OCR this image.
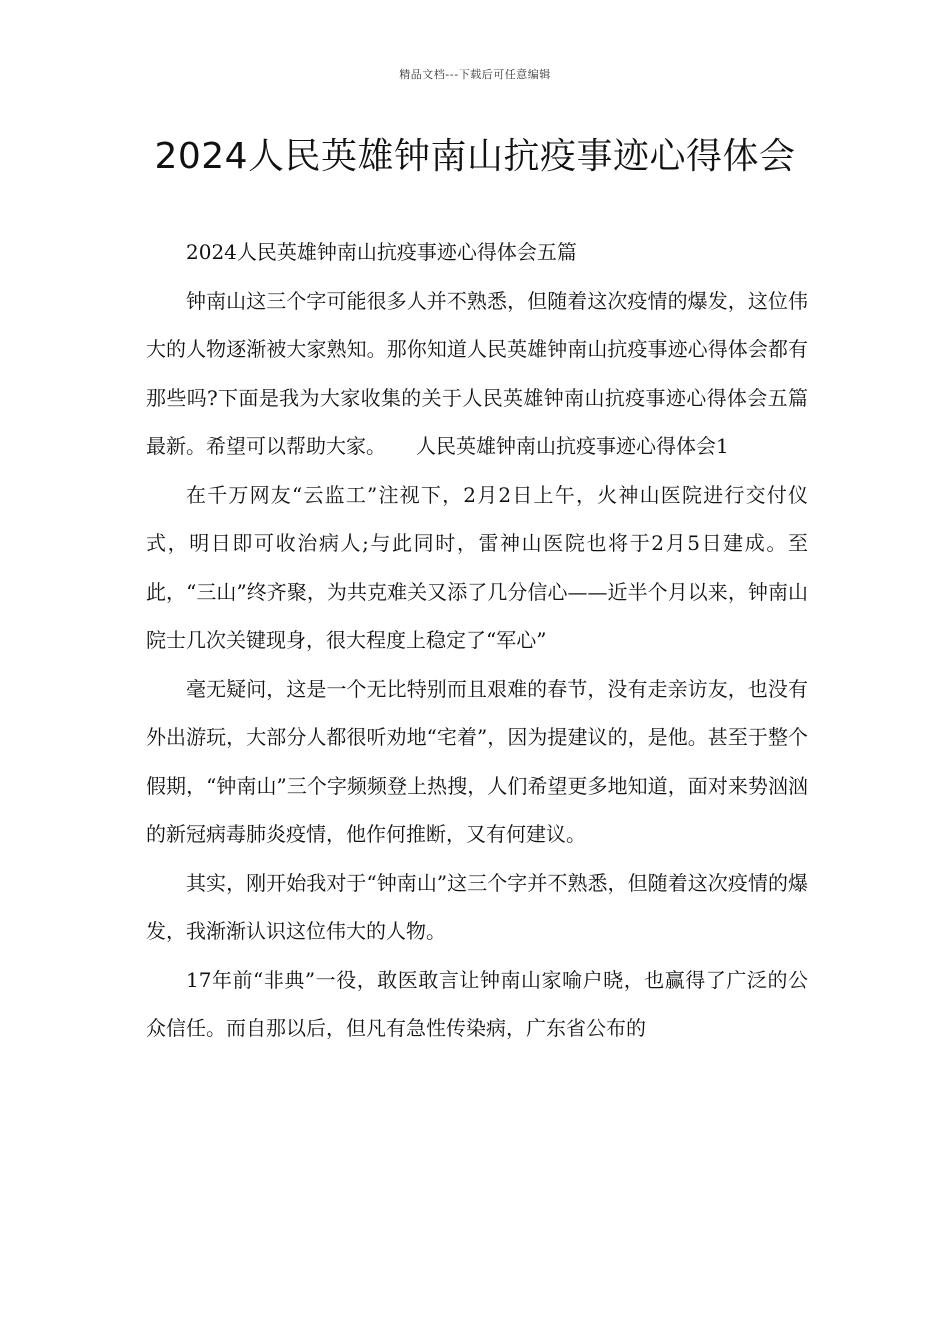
精品文档---下载后可任意编辑
2024人民英雄钟南山抗疫事迹心得体会

2024人民英雄钟南山抗疫事迹心得体会五篇

钟南山这三个字可能很多人并不熟悉，但随着这次疫情的爆发，这位伟大的人物逐渐被大家熟知。那你知道人民英雄钟南山抗疫事迹心得体会都有那些吗?下面是我为大家收集的关于人民英雄钟南山抗疫事迹心得体会五篇最新。希望可以帮助大家。　　人民英雄钟南山抗疫事迹心得体会1

在千万网友“云监工”注视下，2月2日上午，火神山医院进行交付仪式，明日即可收治病人;与此同时，雷神山医院也将于2月5日建成。至此，“三山”终齐聚，为共克难关又添了几分信心——近半个月以来，钟南山院士几次关键现身，很大程度上稳定了“军心”

毫无疑问，这是一个无比特别而且艰难的春节，没有走亲访友，也没有外出游玩，大部分人都很听劝地“宅着”，因为提建议的，是他。甚至于整个假期，“钟南山”三个字频频登上热搜，人们希望更多地知道，面对来势汹汹的新冠病毒肺炎疫情，他作何推断，又有何建议。

其实，刚开始我对于“钟南山”这三个字并不熟悉，但随着这次疫情的爆发，我渐渐认识这位伟大的人物。

17年前“非典”一役，敢医敢言让钟南山家喻户晓，也赢得了广泛的公众信任。而自那以后，但凡有急性传染病，广东省公布的
